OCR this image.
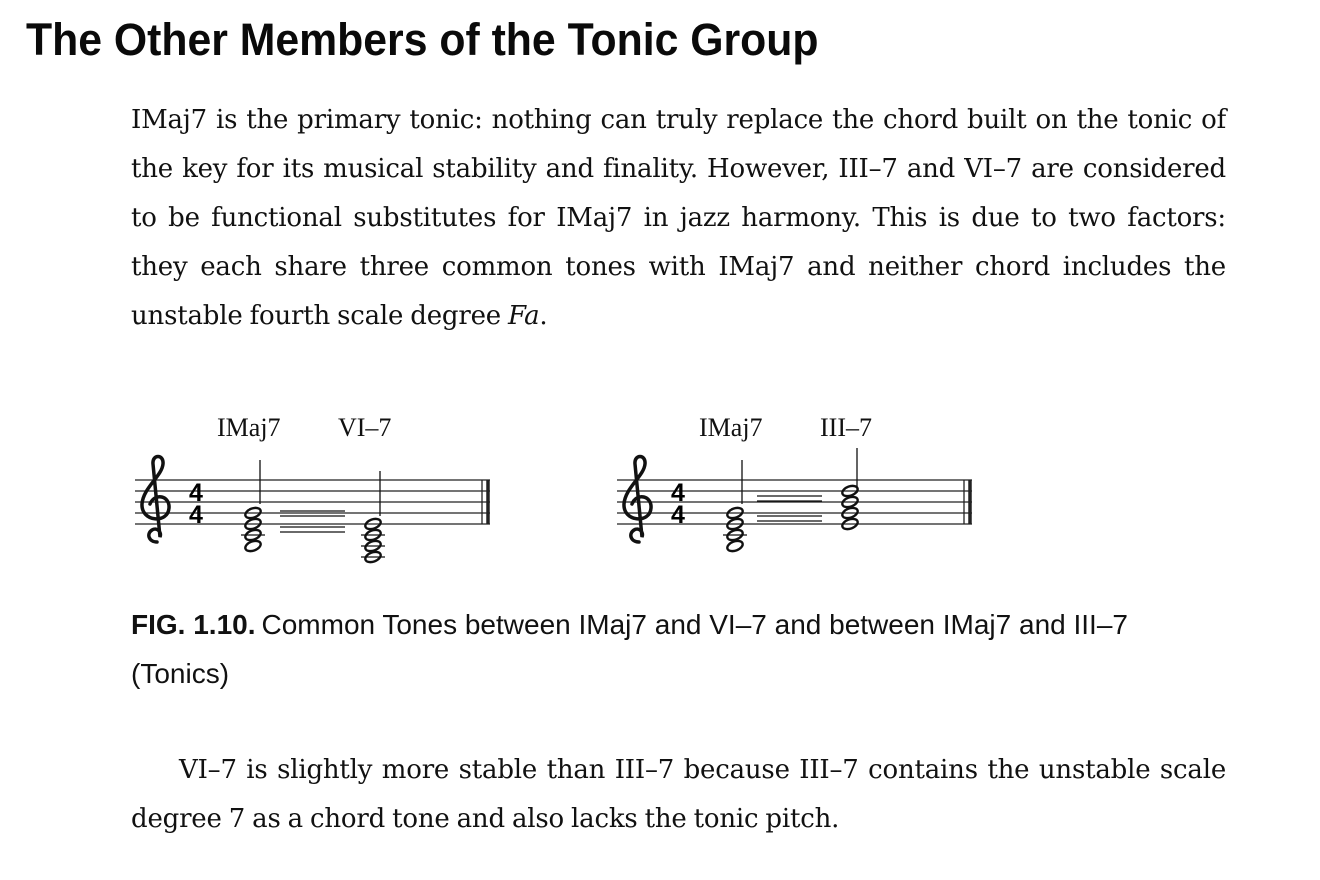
The Other Members of the Tonic Group

IMaj7 is the primary tonic: nothing can truly replace the chord built on the tonic of the key for its musical stability and finality. However, III–7 and VI–7 are considered to be functional substitutes for IMaj7 in jazz harmony. This is due to two factors: they each share three common tones with IMaj7 and neither chord includes the unstable fourth scale degree Fa.

IMaj7 VI–7
4
4
IMaj7 III–7
4
4

FIG. 1.10. Common Tones between IMaj7 and VI–7 and between IMaj7 and III–7 (Tonics)

VI–7 is slightly more stable than III–7 because III–7 contains the unstable scale degree 7 as a chord tone and also lacks the tonic pitch.
